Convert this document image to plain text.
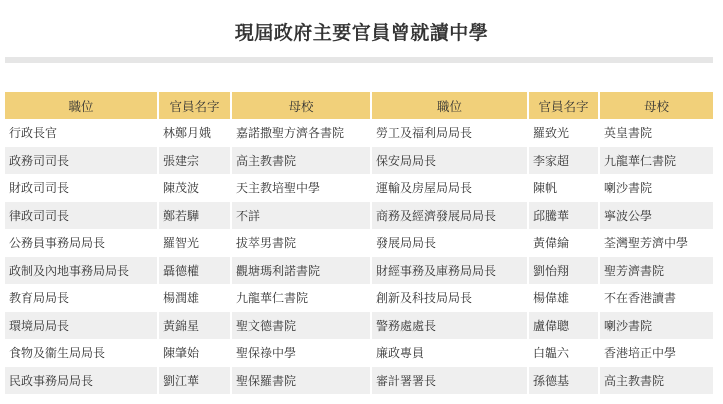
現屆政府主要官員曾就讀中學
職位	官員名字	母校	職位	官員名字	母校
行政長官	林鄭月娥	嘉諾撒聖方濟各書院	勞工及福利局局長	羅致光	英皇書院
政務司司長	張建宗	高主教書院	保安局局長	李家超	九龍華仁書院
財政司司長	陳茂波	天主教培聖中學	運輸及房屋局局長	陳帆	喇沙書院
律政司司長	鄭若驊	不詳	商務及經濟發展局局長	邱騰華	寧波公學
公務員事務局局長	羅智光	拔萃男書院	發展局局長	黃偉綸	荃灣聖芳濟中學
政制及內地事務局局長	聶德權	觀塘瑪利諾書院	財經事務及庫務局局長	劉怡翔	聖芳濟書院
教育局局長	楊潤雄	九龍華仁書院	創新及科技局局長	楊偉雄	不在香港讀書
環境局局長	黃錦星	聖文德書院	警務處處長	盧偉聰	喇沙書院
食物及衞生局局長	陳肇始	聖保祿中學	廉政專員	白韞六	香港培正中學
民政事務局局長	劉江華	聖保羅書院	審計署署長	孫德基	高主教書院
